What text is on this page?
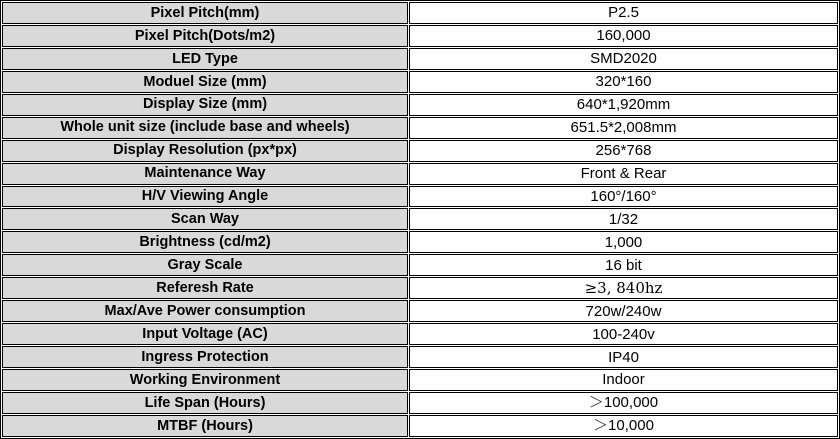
Pixel Pitch(mm)	P2.5
Pixel Pitch(Dots/m2)	160,000
LED Type	SMD2020
Moduel Size (mm)	320*160
Display Size (mm)	640*1,920mm
Whole unit size (include base and wheels)	651.5*2,008mm
Display Resolution (px*px)	256*768
Maintenance Way	Front & Rear
H/V Viewing Angle	160°/160°
Scan Way	1/32
Brightness (cd/m2)	1,000
Gray Scale	16 bit
Referesh Rate	≥3, 840hz
Max/Ave Power consumption	720w/240w
Input Voltage (AC)	100-240v
Ingress Protection	IP40
Working Environment	Indoor
Life Span (Hours)	＞100,000
MTBF (Hours)	＞10,000
